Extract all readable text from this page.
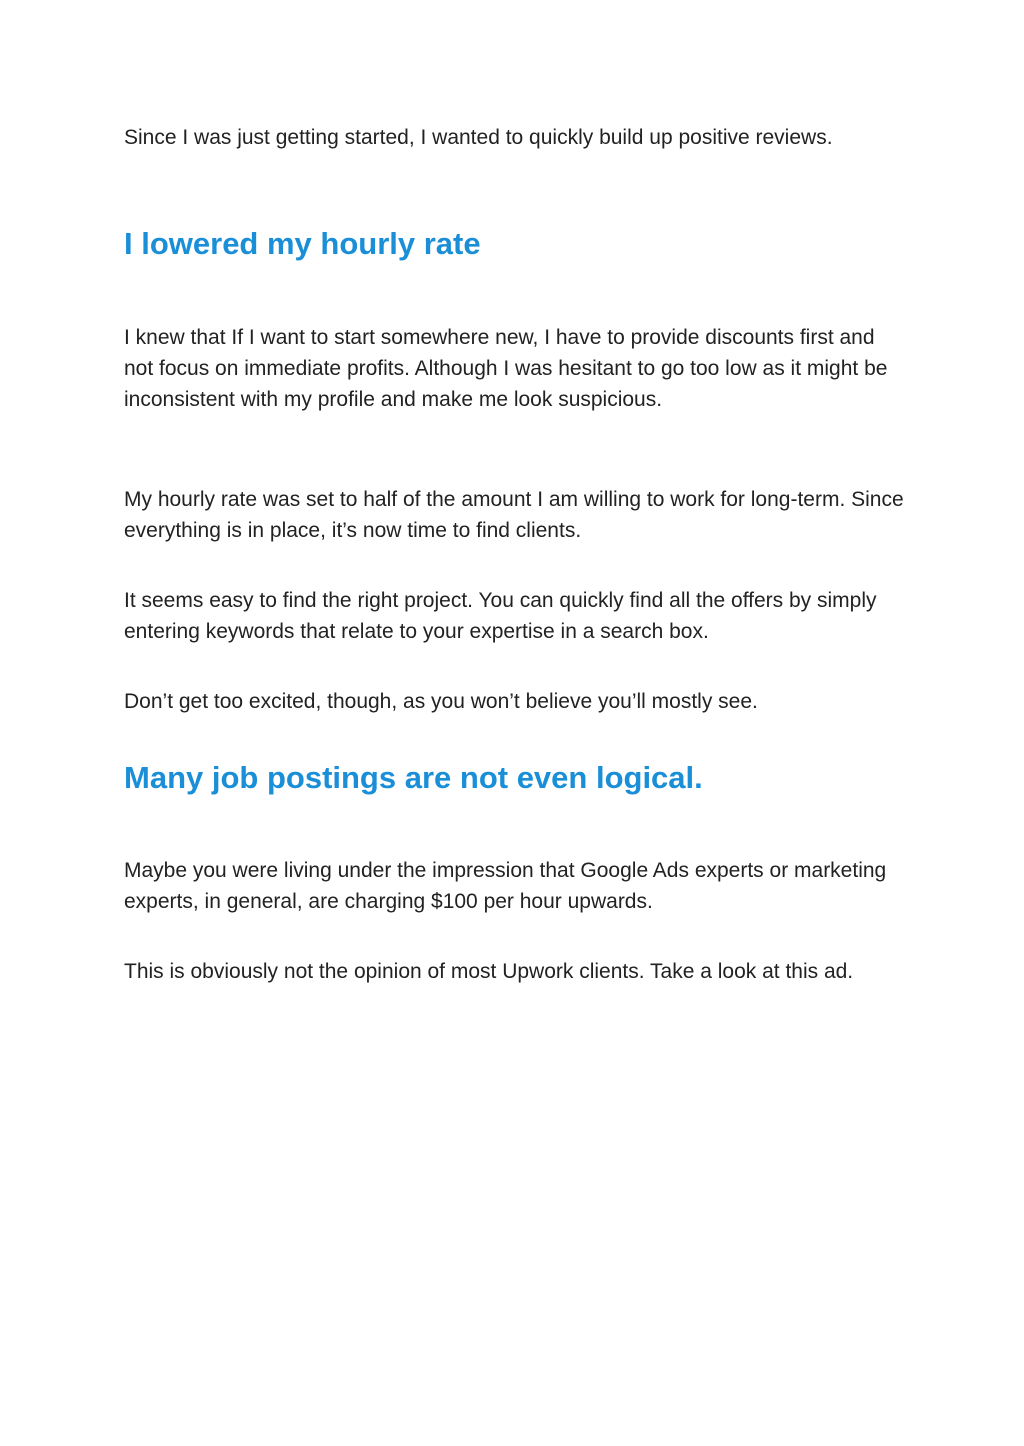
Since I was just getting started, I wanted to quickly build up positive reviews.

I lowered my hourly rate

I knew that If I want to start somewhere new, I have to provide discounts first and not focus on immediate profits. Although I was hesitant to go too low as it might be inconsistent with my profile and make me look suspicious.

My hourly rate was set to half of the amount I am willing to work for long-term. Since everything is in place, it’s now time to find clients.

It seems easy to find the right project. You can quickly find all the offers by simply entering keywords that relate to your expertise in a search box.

Don’t get too excited, though, as you won’t believe you’ll mostly see.

Many job postings are not even logical.

Maybe you were living under the impression that Google Ads experts or marketing experts, in general, are charging $100 per hour upwards.

This is obviously not the opinion of most Upwork clients. Take a look at this ad.
